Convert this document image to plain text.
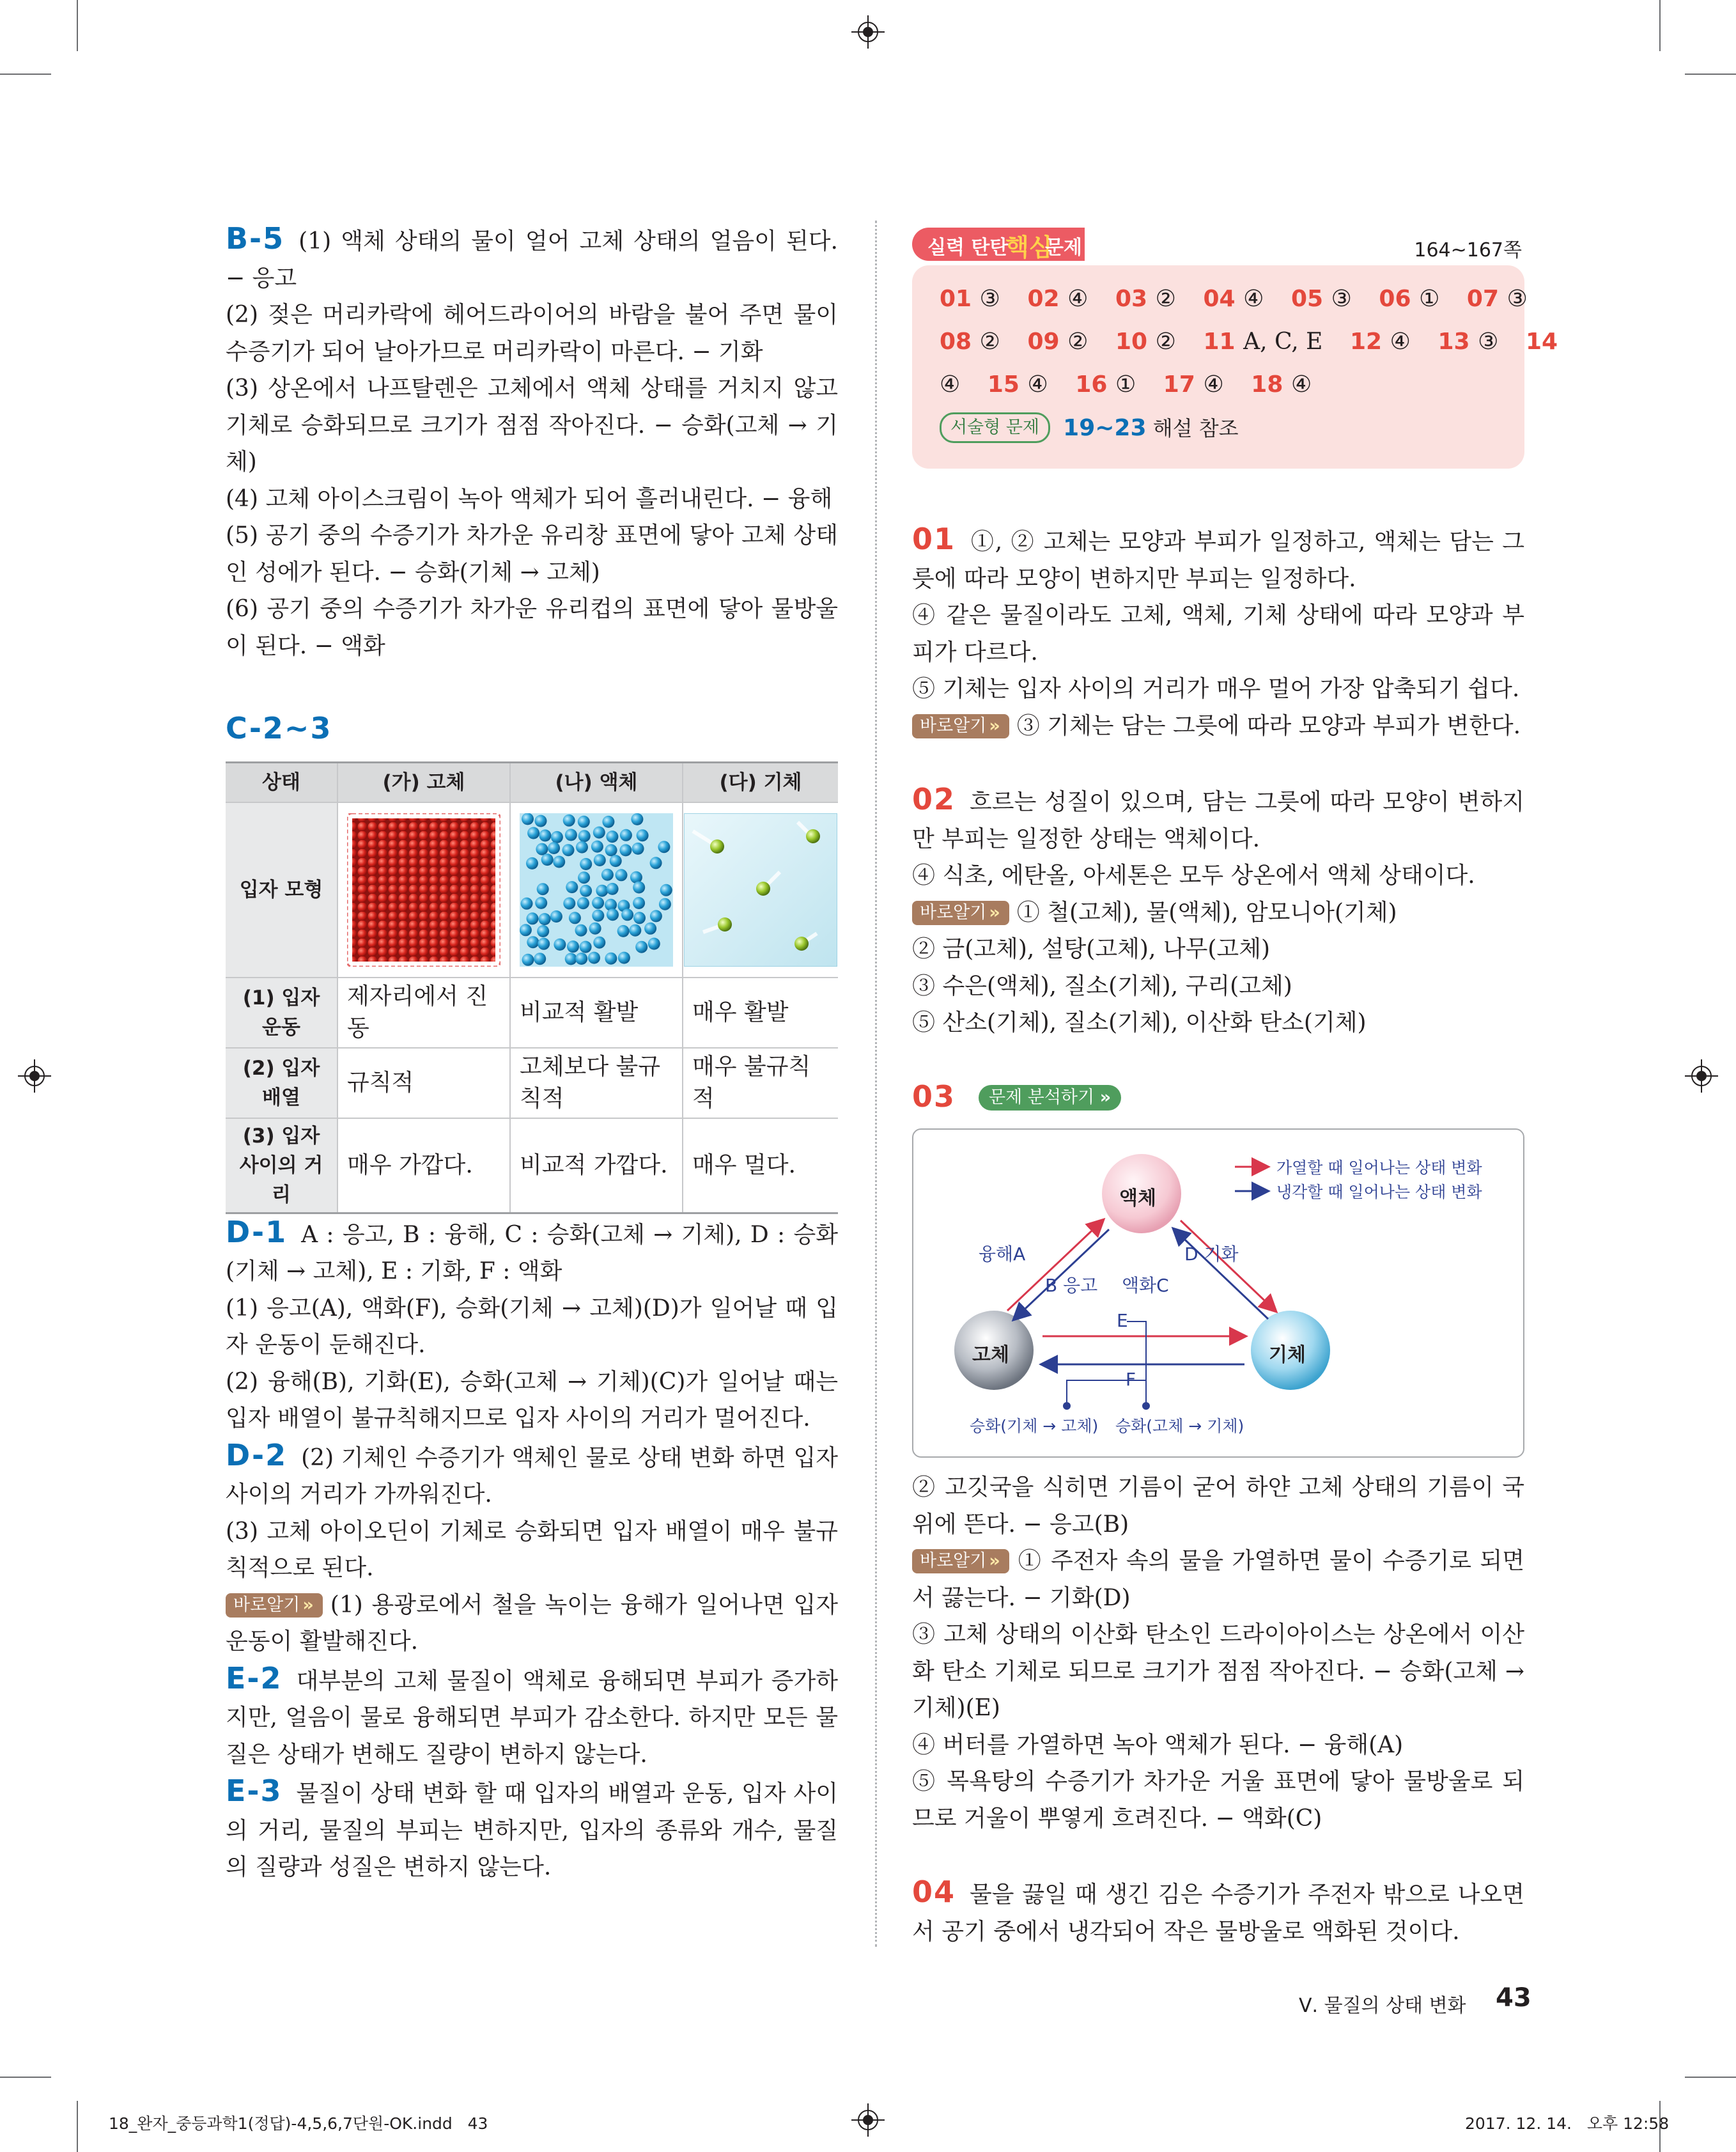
B-5 (1) 액체 상태의 물이 얼어 고체 상태의 얼음이 된다. − 응고

(2) 젖은 머리카락에 헤어드라이어의 바람을 불어 주면 물이 수증기가 되어 날아가므로 머리카락이 마른다. − 기화

(3) 상온에서 나프탈렌은 고체에서 액체 상태를 거치지 않고 기체로 승화되므로 크기가 점점 작아진다. − 승화(고체 → 기체)

(4) 고체 아이스크림이 녹아 액체가 되어 흘러내린다. − 융해

(5) 공기 중의 수증기가 차가운 유리창 표면에 닿아 고체 상태인 성에가 된다. − 승화(기체 → 고체)

(6) 공기 중의 수증기가 차가운 유리컵의 표면에 닿아 물방울이 된다. − 액화

C-2~3
상태	(가) 고체	(나) 액체	(다) 기체
입자 모형	

(1) 입자 운동	제자리에서 진동	비교적 활발	매우 활발
(2) 입자 배열	규칙적	고체보다 불규칙적	매우 불규칙적
(3) 입자 사이의 거리	매우 가깝다.	비교적 가깝다.	매우 멀다.

D-1 A : 응고, B : 융해, C : 승화(고체 → 기체), D : 승화(기체 → 고체), E : 기화, F : 액화

(1) 응고(A), 액화(F), 승화(기체 → 고체)(D)가 일어날 때 입자 운동이 둔해진다.

(2) 융해(B), 기화(E), 승화(고체 → 기체)(C)가 일어날 때는 입자 배열이 불규칙해지므로 입자 사이의 거리가 멀어진다.

D-2 (2) 기체인 수증기가 액체인 물로 상태 변화 하면 입자 사이의 거리가 가까워진다.

(3) 고체 아이오딘이 기체로 승화되면 입자 배열이 매우 불규칙적으로 된다.

바로알기 » (1) 용광로에서 철을 녹이는 융해가 일어나면 입자 운동이 활발해진다.

E-2 대부분의 고체 물질이 액체로 융해되면 부피가 증가하지만, 얼음이 물로 융해되면 부피가 감소한다. 하지만 모든 물질은 상태가 변해도 질량이 변하지 않는다.

E-3 물질이 상태 변화 할 때 입자의 배열과 운동, 입자 사이의 거리, 물질의 부피는 변하지만, 입자의 종류와 개수, 물질의 질량과 성질은 변하지 않는다.

실력 탄탄
핵심
문제	164~167쪽
01 ③ 02 ④ 03 ② 04 ④ 05 ③ 06 ① 07 ③
08 ② 09 ② 10 ② 11 A, C, E 12 ④ 13 ③ 14
④ 15 ④ 16 ① 17 ④ 18 ④
서술형 문제 19~23 해설 참조

01 ①, ② 고체는 모양과 부피가 일정하고, 액체는 담는 그릇에 따라 모양이 변하지만 부피는 일정하다.

④ 같은 물질이라도 고체, 액체, 기체 상태에 따라 모양과 부피가 다르다.

⑤ 기체는 입자 사이의 거리가 매우 멀어 가장 압축되기 쉽다.

바로알기 » ③ 기체는 담는 그릇에 따라 모양과 부피가 변한다.

02 흐르는 성질이 있으며, 담는 그릇에 따라 모양이 변하지만 부피는 일정한 상태는 액체이다.

④ 식초, 에탄올, 아세톤은 모두 상온에서 액체 상태이다.

바로알기 » ① 철(고체), 물(액체), 암모니아(기체)

② 금(고체), 설탕(고체), 나무(고체)

③ 수은(액체), 질소(기체), 구리(고체)

⑤ 산소(기체), 질소(기체), 이산화 탄소(기체)

03 문제 분석하기 »

액체
고체	기체
가열할 때 일어나는 상태 변화
냉각할 때 일어나는 상태 변화
융해A
B 응고 액화C
D 기화
E
F
승화(기체 → 고체) 승화(고체 → 기체)

② 고깃국을 식히면 기름이 굳어 하얀 고체 상태의 기름이 국 위에 뜬다. − 응고(B)

바로알기 » ① 주전자 속의 물을 가열하면 물이 수증기로 되면서 끓는다. − 기화(D)

③ 고체 상태의 이산화 탄소인 드라이아이스는 상온에서 이산화 탄소 기체로 되므로 크기가 점점 작아진다. − 승화(고체 → 기체)(E)

④ 버터를 가열하면 녹아 액체가 된다. − 융해(A)

⑤ 목욕탕의 수증기가 차가운 거울 표면에 닿아 물방울로 되므로 거울이 뿌옇게 흐려진다. − 액화(C)

04 물을 끓일 때 생긴 김은 수증기가 주전자 밖으로 나오면서 공기 중에서 냉각되어 작은 물방울로 액화된 것이다.

Ⅴ. 물질의 상태 변화 43
18_완자_중등과학1(정답)-4,5,6,7단원-OK.indd   43	2017. 12. 14.   오후 12:58
